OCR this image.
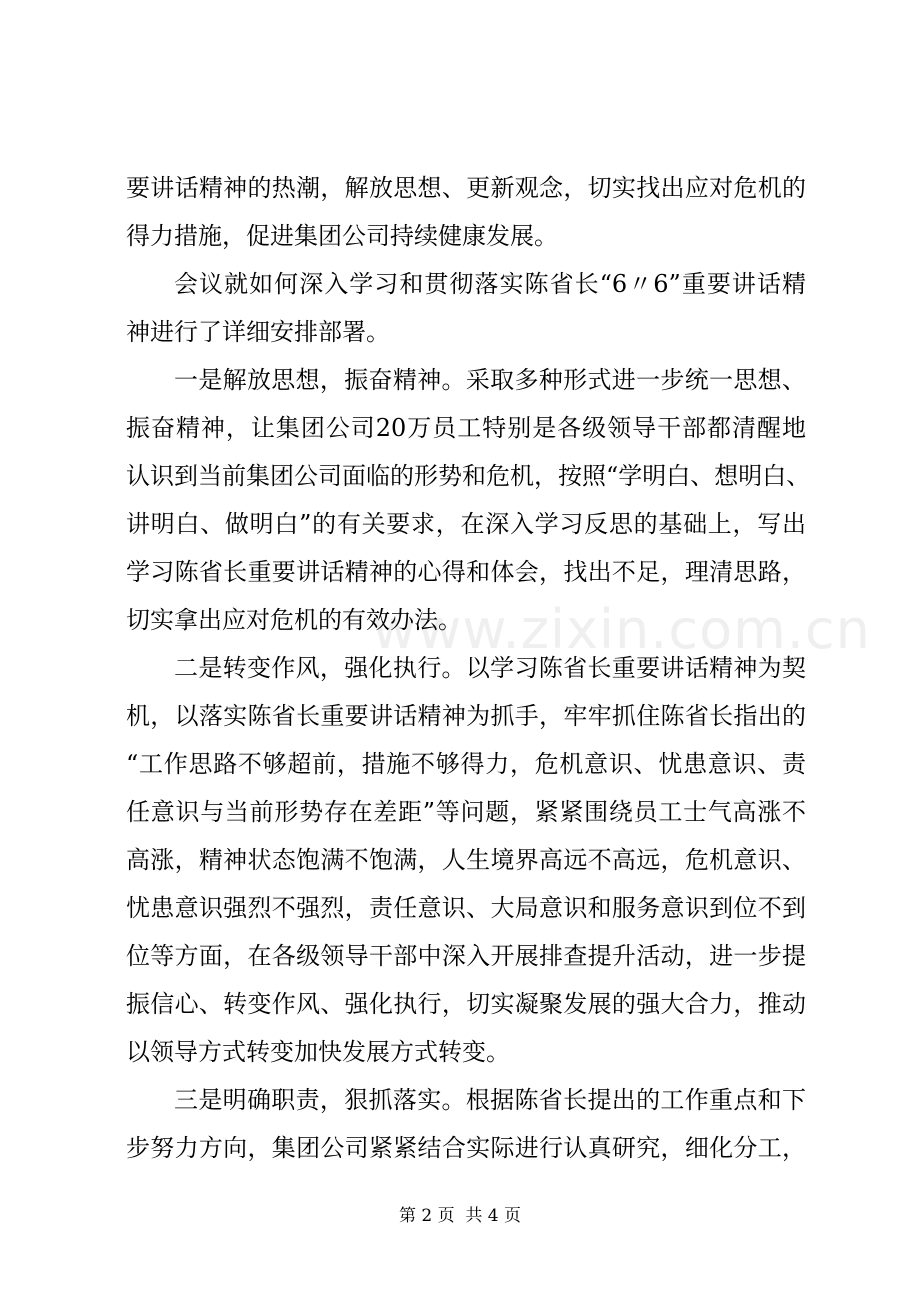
www.zixin.com.cn
要讲话精神的热潮，解放思想、更新观念，切实找出应对危机的
得力措施，促进集团公司持续健康发展。
会议就如何深入学习和贯彻落实陈省长“6〃6”重要讲话精
神进行了详细安排部署。
一是解放思想，振奋精神。采取多种形式进一步统一思想、
振奋精神，让集团公司20万员工特别是各级领导干部都清醒地
认识到当前集团公司面临的形势和危机，按照“学明白、想明白、
讲明白、做明白”的有关要求，在深入学习反思的基础上，写出
学习陈省长重要讲话精神的心得和体会，找出不足，理清思路，
切实拿出应对危机的有效办法。
二是转变作风，强化执行。以学习陈省长重要讲话精神为契
机，以落实陈省长重要讲话精神为抓手，牢牢抓住陈省长指出的
“工作思路不够超前，措施不够得力，危机意识、忧患意识、责
任意识与当前形势存在差距”等问题，紧紧围绕员工士气高涨不
高涨，精神状态饱满不饱满，人生境界高远不高远，危机意识、
忧患意识强烈不强烈，责任意识、大局意识和服务意识到位不到
位等方面，在各级领导干部中深入开展排查提升活动，进一步提
振信心、转变作风、强化执行，切实凝聚发展的强大合力，推动
以领导方式转变加快发展方式转变。
三是明确职责，狠抓落实。根据陈省长提出的工作重点和下
步努力方向，集团公司紧紧结合实际进行认真研究，细化分工，
第 2 页  共 4 页
